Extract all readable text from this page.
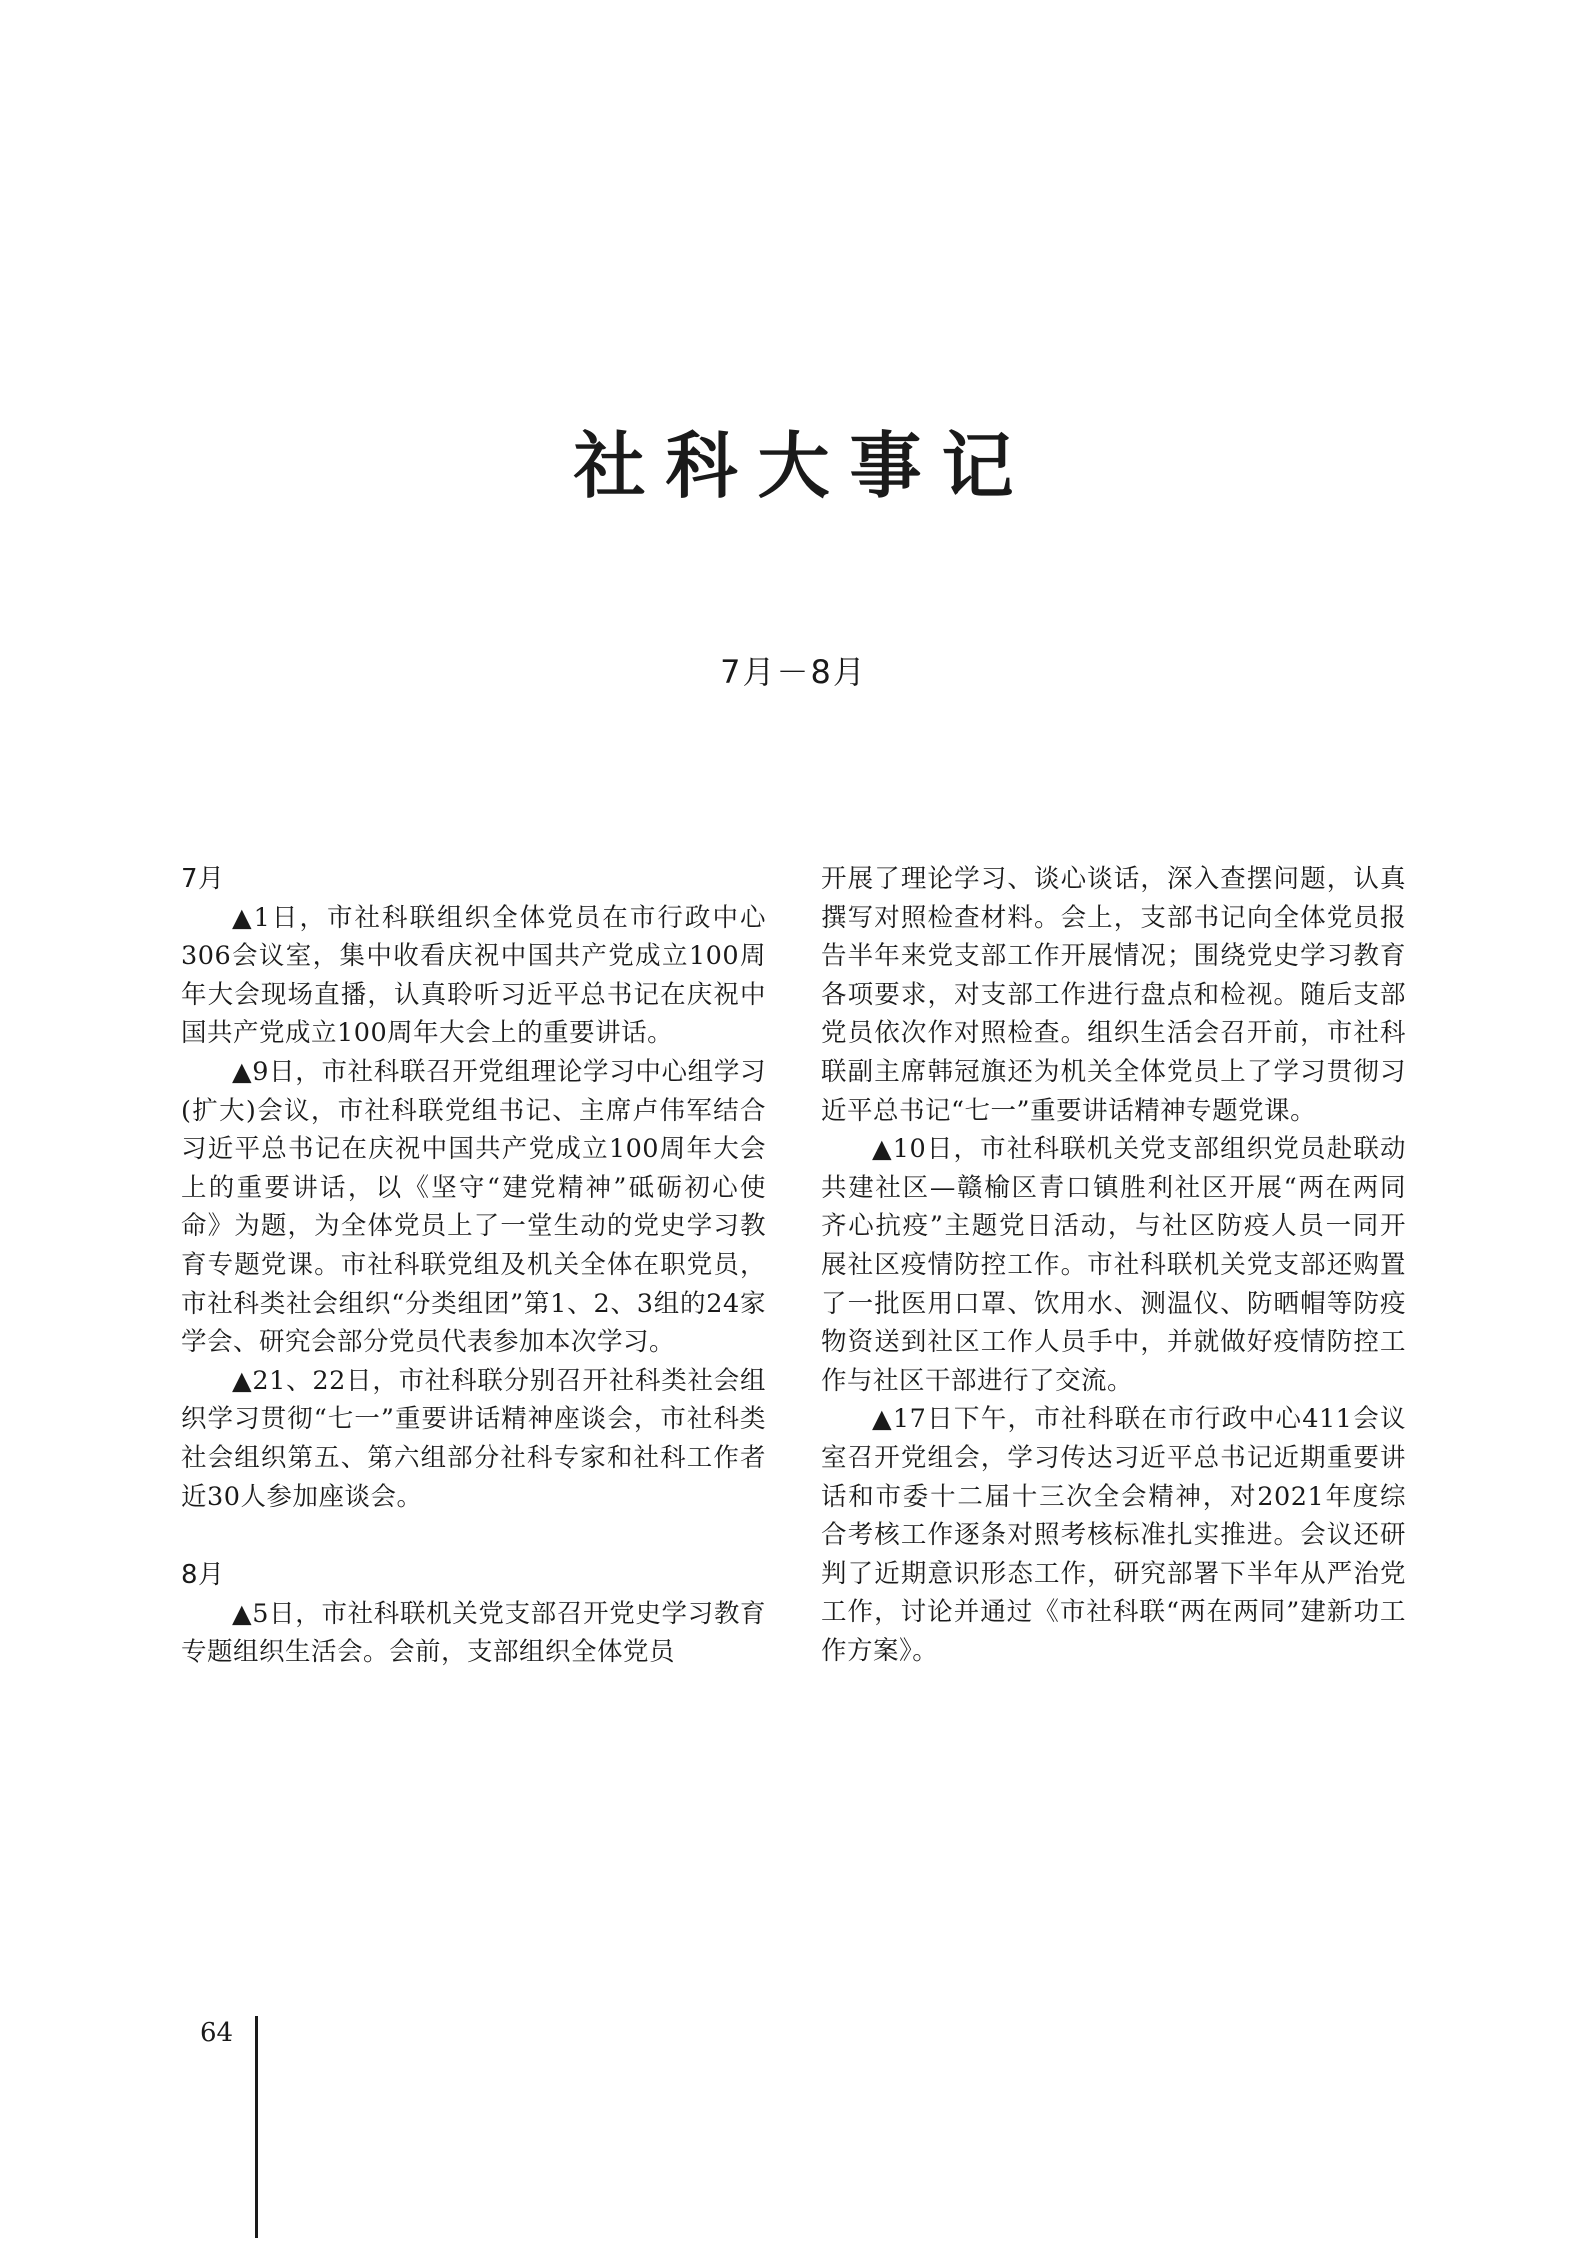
社科大事记
7月－8月

7月

▲1日，市社科联组织全体党员在市行政中心306会议室，集中收看庆祝中国共产党成立100周年大会现场直播，认真聆听习近平总书记在庆祝中国共产党成立100周年大会上的重要讲话。

▲9日，市社科联召开党组理论学习中心组学习(扩大)会议，市社科联党组书记、主席卢伟军结合习近平总书记在庆祝中国共产党成立100周年大会上的重要讲话，以《坚守“建党精神”砥砺初心使命》为题，为全体党员上了一堂生动的党史学习教育专题党课。市社科联党组及机关全体在职党员，市社科类社会组织“分类组团”第1、2、3组的24家学会、研究会部分党员代表参加本次学习。

▲21、22日，市社科联分别召开社科类社会组织学习贯彻“七一”重要讲话精神座谈会，市社科类社会组织第五、第六组部分社科专家和社科工作者近30人参加座谈会。

8月

▲5日，市社科联机关党支部召开党史学习教育专题组织生活会。会前，支部组织全体党员

开展了理论学习、谈心谈话，深入查摆问题，认真撰写对照检查材料。会上，支部书记向全体党员报告半年来党支部工作开展情况；围绕党史学习教育各项要求，对支部工作进行盘点和检视。随后支部党员依次作对照检查。组织生活会召开前，市社科联副主席韩冠旗还为机关全体党员上了学习贯彻习近平总书记“七一”重要讲话精神专题党课。

▲10日，市社科联机关党支部组织党员赴联动共建社区—赣榆区青口镇胜利社区开展“两在两同齐心抗疫”主题党日活动，与社区防疫人员一同开展社区疫情防控工作。市社科联机关党支部还购置了一批医用口罩、饮用水、测温仪、防晒帽等防疫物资送到社区工作人员手中，并就做好疫情防控工作与社区干部进行了交流。

▲17日下午，市社科联在市行政中心411会议室召开党组会，学习传达习近平总书记近期重要讲话和市委十二届十三次全会精神，对2021年度综合考核工作逐条对照考核标准扎实推进。会议还研判了近期意识形态工作，研究部署下半年从严治党工作，讨论并通过《市社科联“两在两同”建新功工作方案》。

64
